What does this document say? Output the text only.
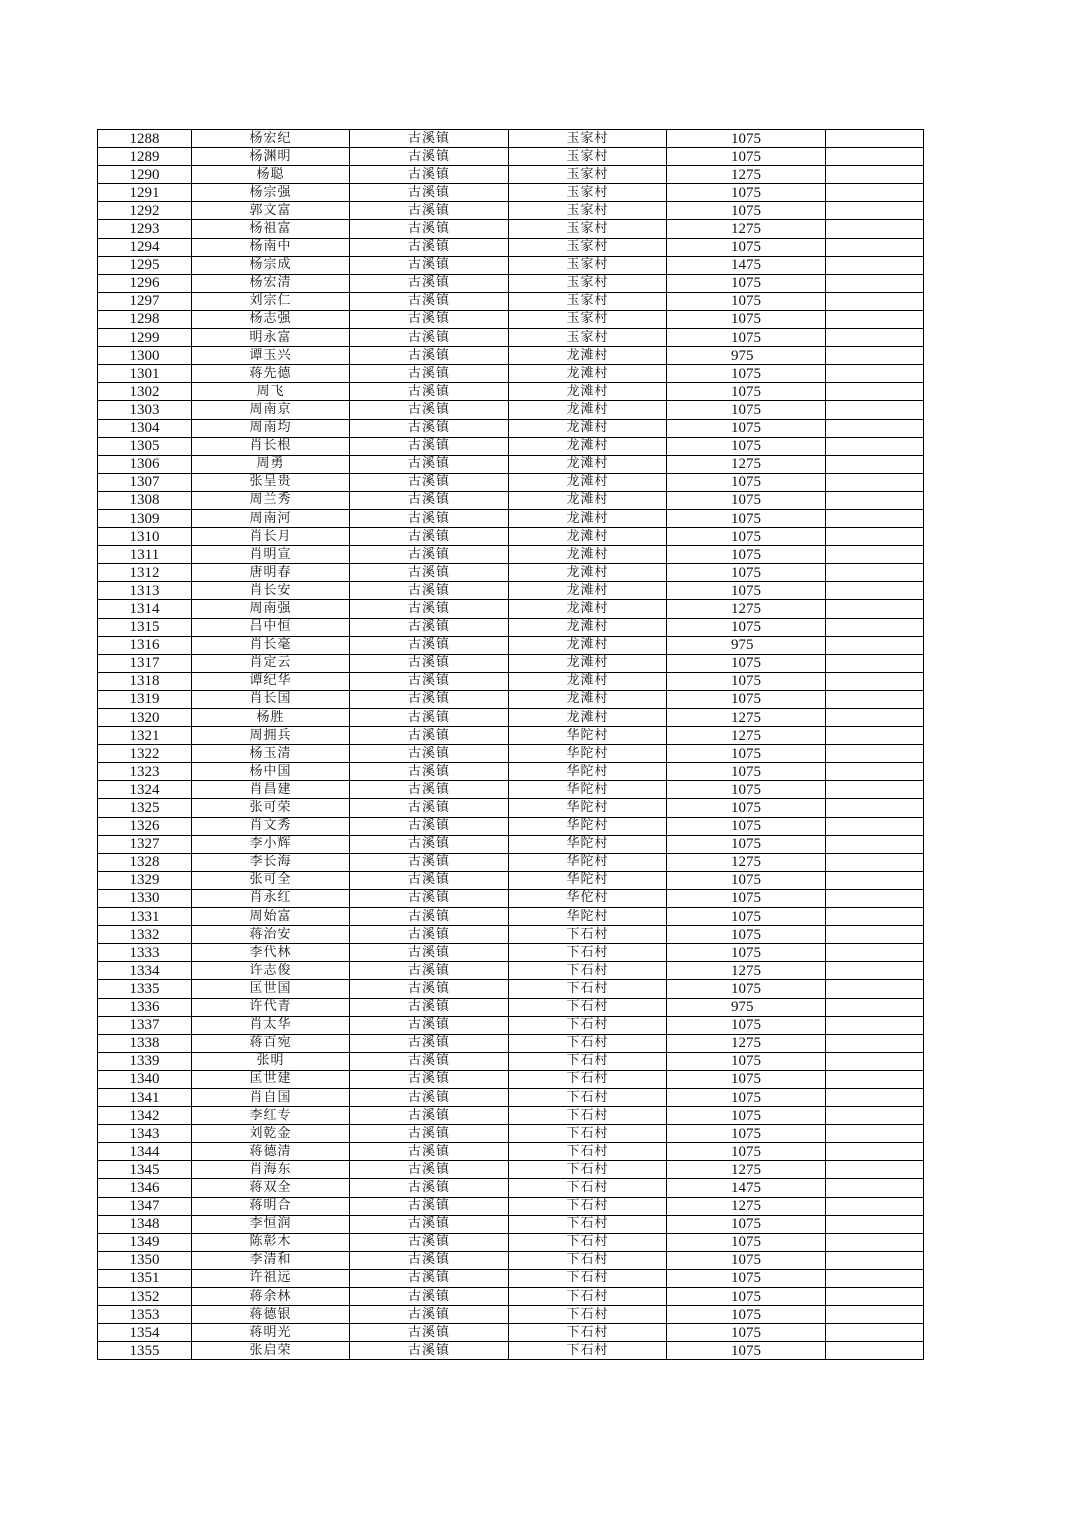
1288	杨宏纪	古溪镇	玉家村	1075	
1289	杨渊明	古溪镇	玉家村	1075	
1290	杨聪	古溪镇	玉家村	1275	
1291	杨宗强	古溪镇	玉家村	1075	
1292	郭文富	古溪镇	玉家村	1075	
1293	杨祖富	古溪镇	玉家村	1275	
1294	杨南中	古溪镇	玉家村	1075	
1295	杨宗成	古溪镇	玉家村	1475	
1296	杨宏清	古溪镇	玉家村	1075	
1297	刘宗仁	古溪镇	玉家村	1075	
1298	杨志强	古溪镇	玉家村	1075	
1299	明永富	古溪镇	玉家村	1075	
1300	谭玉兴	古溪镇	龙滩村	975	
1301	蒋先德	古溪镇	龙滩村	1075	
1302	周飞	古溪镇	龙滩村	1075	
1303	周南京	古溪镇	龙滩村	1075	
1304	周南均	古溪镇	龙滩村	1075	
1305	肖长根	古溪镇	龙滩村	1075	
1306	周勇	古溪镇	龙滩村	1275	
1307	张呈贵	古溪镇	龙滩村	1075	
1308	周兰秀	古溪镇	龙滩村	1075	
1309	周南河	古溪镇	龙滩村	1075	
1310	肖长月	古溪镇	龙滩村	1075	
1311	肖明宣	古溪镇	龙滩村	1075	
1312	唐明春	古溪镇	龙滩村	1075	
1313	肖长安	古溪镇	龙滩村	1075	
1314	周南强	古溪镇	龙滩村	1275	
1315	吕中恒	古溪镇	龙滩村	1075	
1316	肖长毫	古溪镇	龙滩村	975	
1317	肖定云	古溪镇	龙滩村	1075	
1318	谭纪华	古溪镇	龙滩村	1075	
1319	肖长国	古溪镇	龙滩村	1075	
1320	杨胜	古溪镇	龙滩村	1275	
1321	周拥兵	古溪镇	华陀村	1275	
1322	杨玉清	古溪镇	华陀村	1075	
1323	杨中国	古溪镇	华陀村	1075	
1324	肖昌建	古溪镇	华陀村	1075	
1325	张可荣	古溪镇	华陀村	1075	
1326	肖文秀	古溪镇	华陀村	1075	
1327	李小辉	古溪镇	华陀村	1075	
1328	李长海	古溪镇	华陀村	1275	
1329	张可全	古溪镇	华陀村	1075	
1330	肖永红	古溪镇	华佗村	1075	
1331	周始富	古溪镇	华陀村	1075	
1332	蒋治安	古溪镇	下石村	1075	
1333	李代林	古溪镇	下石村	1075	
1334	许志俊	古溪镇	下石村	1275	
1335	匡世国	古溪镇	下石村	1075	
1336	许代青	古溪镇	下石村	975	
1337	肖太华	古溪镇	下石村	1075	
1338	蒋百宛	古溪镇	下石村	1275	
1339	张明	古溪镇	下石村	1075	
1340	匡世建	古溪镇	下石村	1075	
1341	肖自国	古溪镇	下石村	1075	
1342	李红专	古溪镇	下石村	1075	
1343	刘乾金	古溪镇	下石村	1075	
1344	蒋德清	古溪镇	下石村	1075	
1345	肖海东	古溪镇	下石村	1275	
1346	蒋双全	古溪镇	下石村	1475	
1347	蒋明合	古溪镇	下石村	1275	
1348	李恒润	古溪镇	下石村	1075	
1349	陈彰木	古溪镇	下石村	1075	
1350	李清和	古溪镇	下石村	1075	
1351	许祖远	古溪镇	下石村	1075	
1352	蒋余林	古溪镇	下石村	1075	
1353	蒋德银	古溪镇	下石村	1075	
1354	蒋明光	古溪镇	下石村	1075	
1355	张启荣	古溪镇	下石村	1075	
